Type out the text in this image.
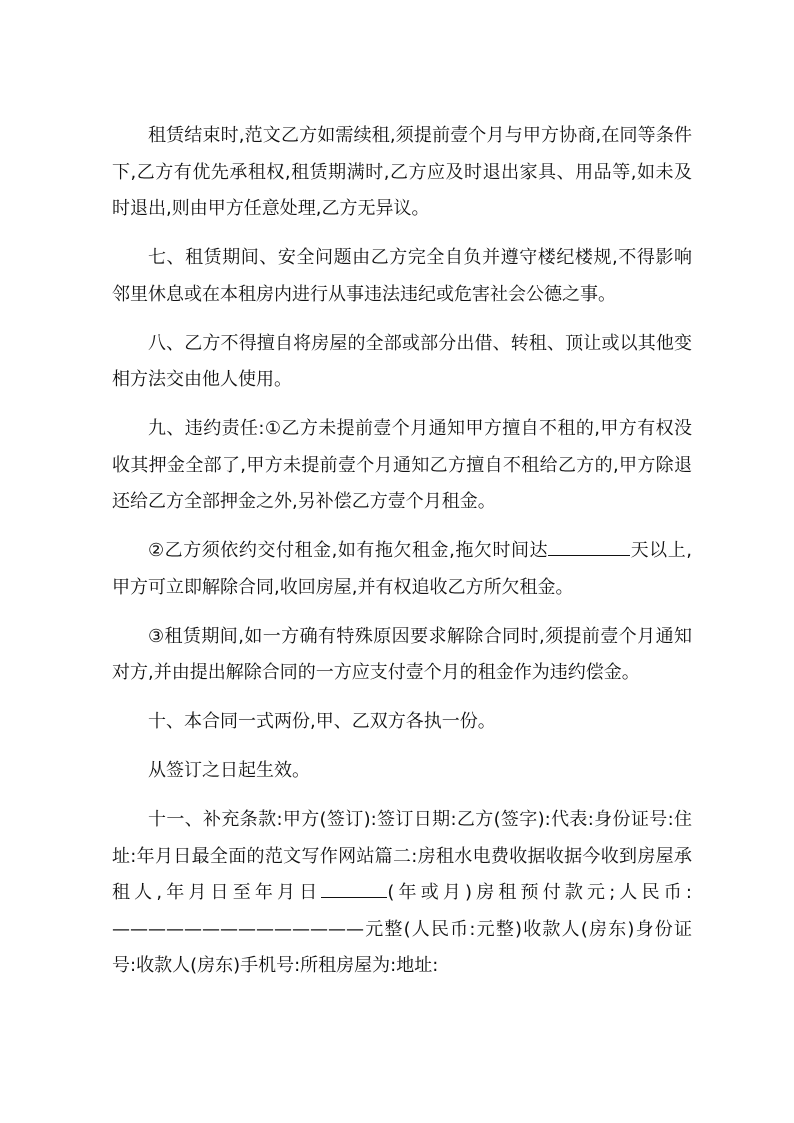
租赁结束时,范文乙方如需续租,须提前壹个月与甲方协商,在同等条件下,乙方有优先承租权,租赁期满时,乙方应及时退出家具、用品等,如未及时退出,则由甲方任意处理,乙方无异议。

七、租赁期间、安全问题由乙方完全自负并遵守楼纪楼规,不得影响邻里休息或在本租房内进行从事违法违纪或危害社会公德之事。

八、乙方不得擅自将房屋的全部或部分出借、转租、顶让或以其他变相方法交由他人使用。

九、违约责任:①乙方未提前壹个月通知甲方擅自不租的,甲方有权没收其押金全部了,甲方未提前壹个月通知乙方擅自不租给乙方的,甲方除退还给乙方全部押金之外,另补偿乙方壹个月租金。

②乙方须依约交付租金,如有拖欠租金,拖欠时间达	天以上,甲方可立即解除合同,收回房屋,并有权追收乙方所欠租金。

③租赁期间,如一方确有特殊原因要求解除合同时,须提前壹个月通知对方,并由提出解除合同的一方应支付壹个月的租金作为违约偿金。

十、本合同一式两份,甲、乙双方各执一份。

从签订之日起生效。

十一、补充条款:甲方(签订):签订日期:乙方(签字):代表:身份证号:住址:年月日最全面的范文写作网站篇二:房租水电费收据收据今收到房屋承租人,年月日至年月日	(年或月)房租预付款元;人民币:——————————————元整(人民币:元整)收款人(房东)身份证号:收款人(房东)手机号:所租房屋为:地址:
